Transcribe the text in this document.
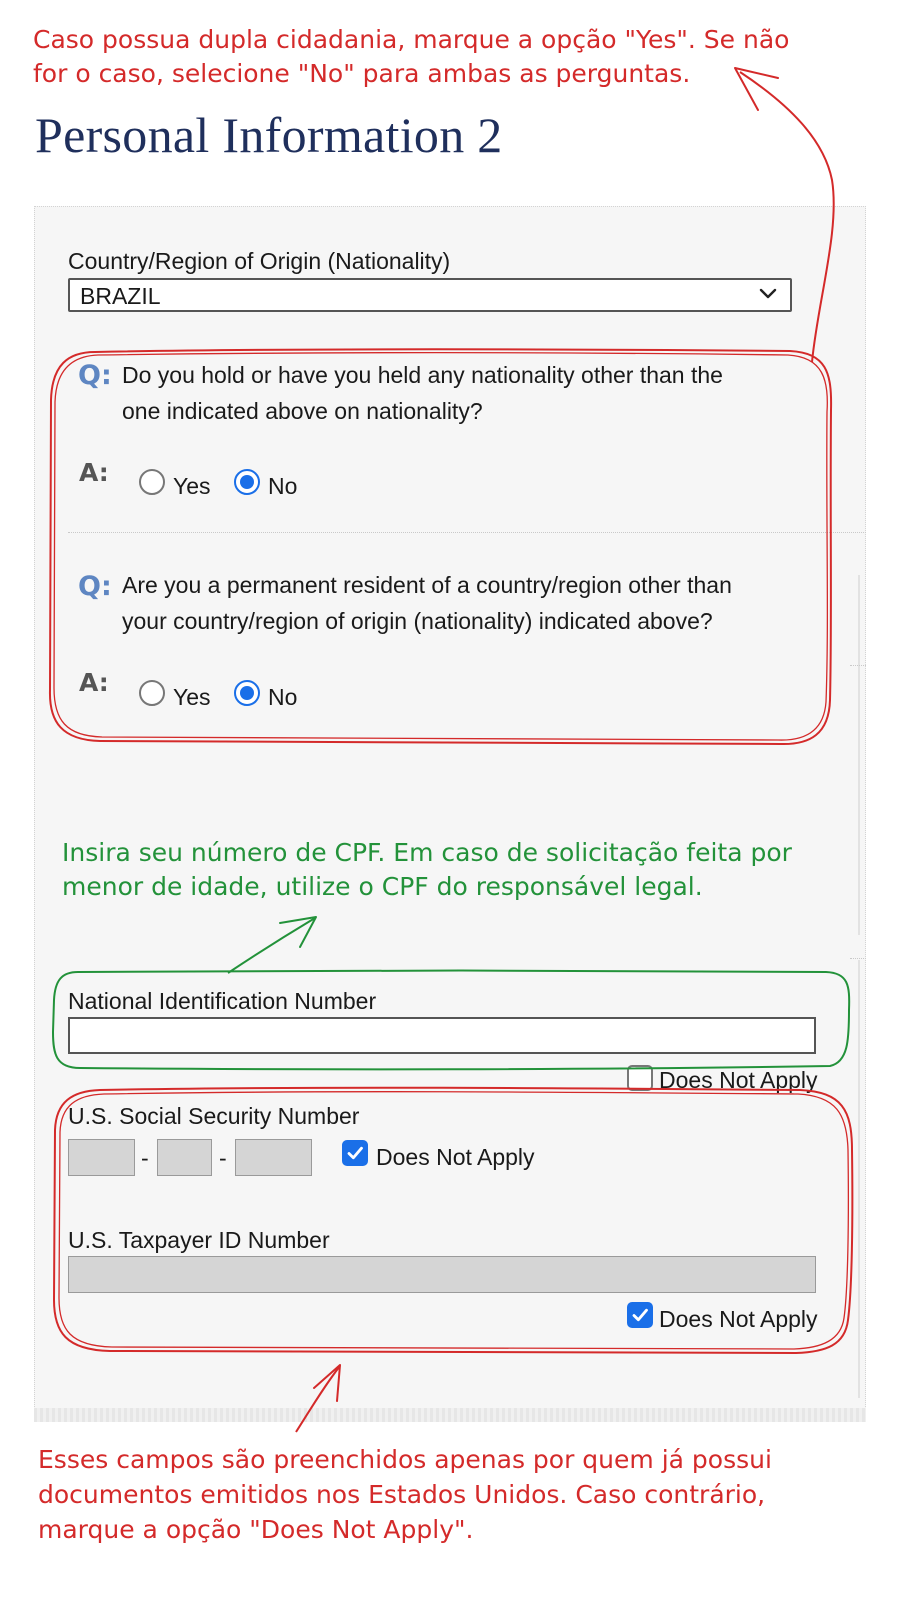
Caso possua dupla cidadania, marque a opção "Yes". Se não
for o caso, selecione "No" para ambas as perguntas.
Personal Information 2
Country/Region of Origin (Nationality)
BRAZIL
Q: Do you hold or have you held any nationality other than the
one indicated above on nationality?
A:	Yes No
Q: Are you a permanent resident of a country/region other than
your country/region of origin (nationality) indicated above?
A:	Yes No
Insira seu número de CPF. Em caso de solicitação feita por
menor de idade, utilize o CPF do responsável legal.
National Identification Number
Does Not Apply
U.S. Social Security Number
-	-	Does Not Apply
U.S. Taxpayer ID Number
Does Not Apply
Esses campos são preenchidos apenas por quem já possui
documentos emitidos nos Estados Unidos. Caso contrário,
marque a opção "Does Not Apply".
